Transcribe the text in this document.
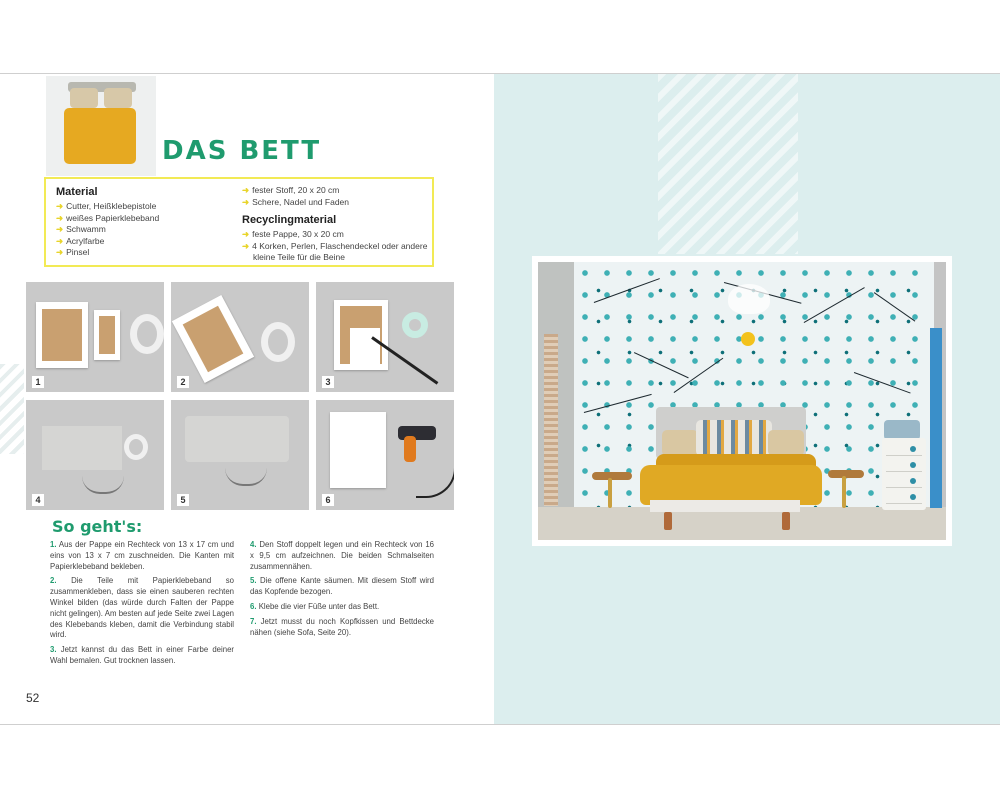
DAS BETT
Material
➜ Cutter, Heißklebepistole
➜ weißes Papierklebeband
➜ Schwamm
➜ Acrylfarbe
➜ Pinsel
➜ fester Stoff, 20 x 20 cm
➜ Schere, Nadel und Faden
Recyclingmaterial
➜ feste Pappe, 30 x 20 cm
➜ 4 Korken, Perlen, Flaschendeckel oder andere kleine Teile für die Beine
1	2	3
4	5	6
So geht's:

1. Aus der Pappe ein Rechteck von 13 x 17 cm und eins von 13 x 7 cm zuschneiden. Die Kanten mit Papierklebeband bekleben.

2. Die Teile mit Papierklebeband so zusammenkleben, dass sie einen sauberen rechten Winkel bilden (das würde durch Falten der Pappe nicht gelingen). Am besten auf jede Seite zwei Lagen des Klebebands kleben, damit die Verbindung stabil wird.

3. Jetzt kannst du das Bett in einer Farbe deiner Wahl bemalen. Gut trocknen lassen.

4. Den Stoff doppelt legen und ein Rechteck von 16 x 9,5 cm aufzeichnen. Die beiden Schmalseiten zusammennähen.

5. Die offene Kante säumen. Mit diesem Stoff wird das Kopfende bezogen.

6. Klebe die vier Füße unter das Bett.

7. Jetzt musst du noch Kopfkissen und Bettdecke nähen (siehe Sofa, Seite 20).

52
